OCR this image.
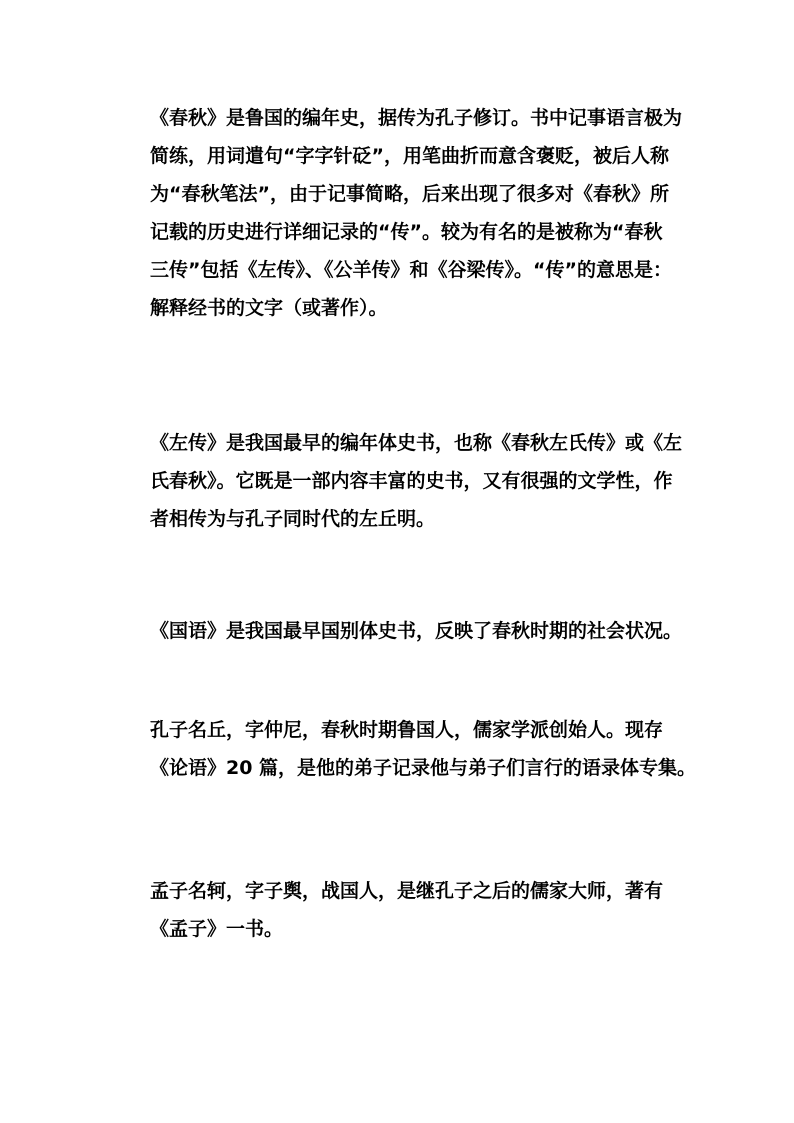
《春秋》是鲁国的编年史，据传为孔子修订。书中记事语言极为
简练，用词遣句“字字针砭”，用笔曲折而意含褒贬，被后人称
为“春秋笔法”，由于记事简略，后来出现了很多对《春秋》所
记载的历史进行详细记录的“传”。较为有名的是被称为“春秋
三传”包括《左传》、《公羊传》和《谷梁传》。“传”的意思是：
解释经书的文字（或著作）。

《左传》是我国最早的编年体史书，也称《春秋左氏传》或《左
氏春秋》。它既是一部内容丰富的史书，又有很强的文学性，作
者相传为与孔子同时代的左丘明。

《国语》是我国最早国别体史书，反映了春秋时期的社会状况。

孔子名丘，字仲尼，春秋时期鲁国人，儒家学派创始人。现存
《论语》20 篇，是他的弟子记录他与弟子们言行的语录体专集。

孟子名轲，字子舆，战国人，是继孔子之后的儒家大师，著有
《孟子》一书。
